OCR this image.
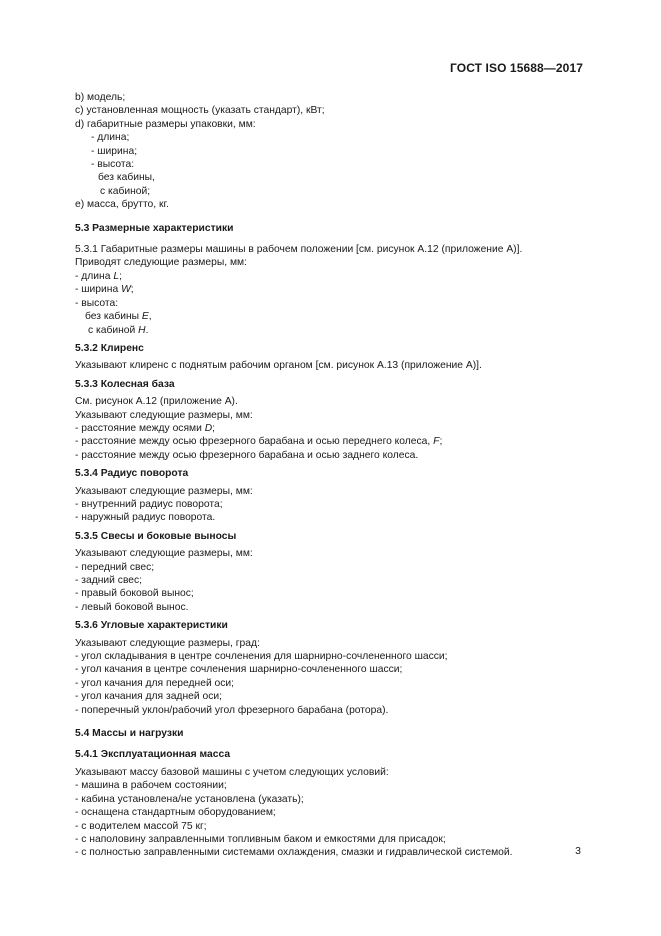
ГОСТ ISO 15688—2017
b) модель;
c) установленная мощность (указать стандарт), кВт;
d) габаритные размеры упаковки, мм:
- длина;
- ширина;
- высота:
без кабины,
с кабиной;
e) масса, брутто, кг.
5.3 Размерные характеристики
5.3.1 Габаритные размеры машины в рабочем положении [см. рисунок А.12 (приложение А)].
Приводят следующие размеры, мм:
- длина L;
- ширина W;
- высота:
без кабины E,
с кабиной H.
5.3.2 Клиренс
Указывают клиренс с поднятым рабочим органом [см. рисунок А.13 (приложение А)].
5.3.3 Колесная база
См. рисунок А.12 (приложение А).
Указывают следующие размеры, мм:
- расстояние между осями D;
- расстояние между осью фрезерного барабана и осью переднего колеса, F;
- расстояние между осью фрезерного барабана и осью заднего колеса.
5.3.4 Радиус поворота
Указывают следующие размеры, мм:
- внутренний радиус поворота;
- наружный радиус поворота.
5.3.5 Свесы и боковые выносы
Указывают следующие размеры, мм:
- передний свес;
- задний свес;
- правый боковой вынос;
- левый боковой вынос.
5.3.6 Угловые характеристики
Указывают следующие размеры, град:
- угол складывания в центре сочленения для шарнирно-сочлененного шасси;
- угол качания в центре сочленения шарнирно-сочлененного шасси;
- угол качания для передней оси;
- угол качания для задней оси;
- поперечный уклон/рабочий угол фрезерного барабана (ротора).
5.4 Массы и нагрузки
5.4.1 Эксплуатационная масса
Указывают массу базовой машины с учетом следующих условий:
- машина в рабочем состоянии;
- кабина установлена/не установлена (указать);
- оснащена стандартным оборудованием;
- с водителем массой 75 кг;
- с наполовину заправленными топливным баком и емкостями для присадок;
- с полностью заправленными системами охлаждения, смазки и гидравлической системой.	3
